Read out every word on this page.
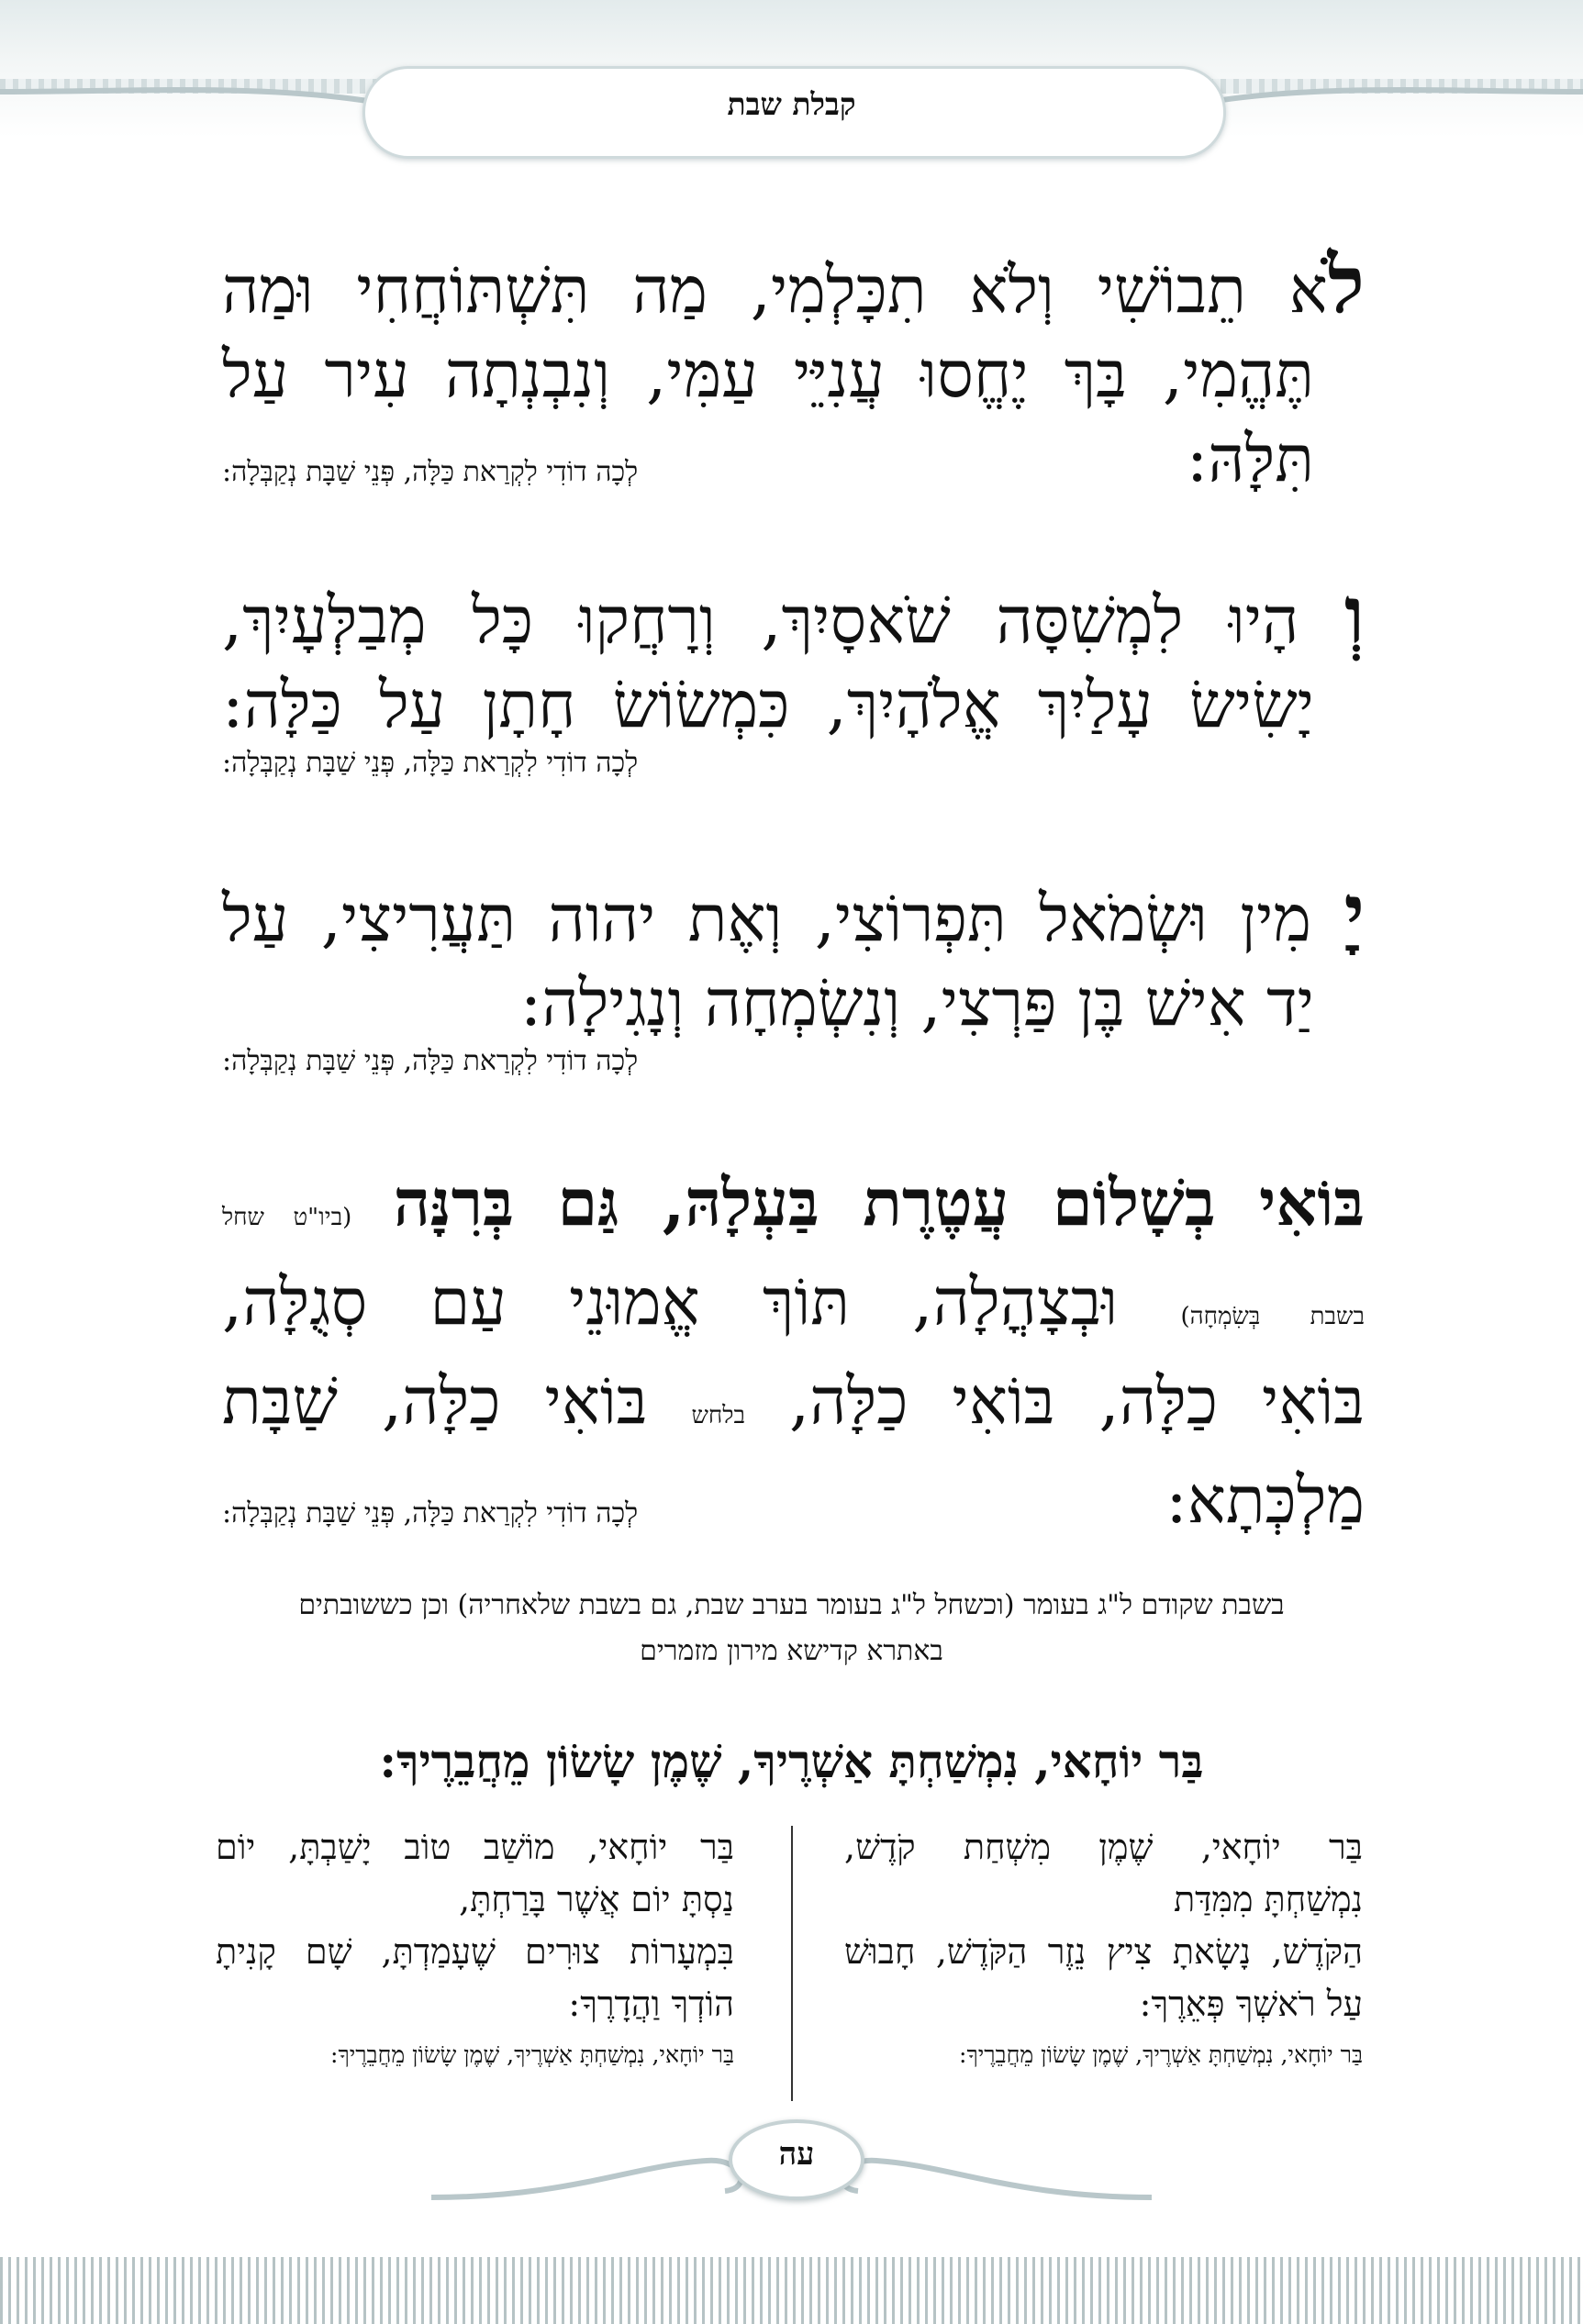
קבלת שבת
לֹא תֵבוֹשִׁי וְלֹא תִכָּלְמִי, מַה תִּשְׁתּוֹחֲחִי וּמַה
תֶּהֱמִי, בָּךְ יֶחֱסוּ עֲנִיֵּי עַמִּי, וְנִבְנְתָה עִיר עַל
תִּלָּהּ:
לְכָה דוֹדִי לִקְרַאת כַּלָּה, פְּנֵי שַׁבָּת נְקַבְּלָה:
וְ הָיוּ לִמְשִׁסָּה שֹׁאסָיִךְ, וְרָחֲקוּ כָּל מְבַלְּעָיִךְ,
יָשִׂישׂ עָלַיִךְ אֱלֹהָיִךְ, כִּמְשׂוֹשׂ חָתָן עַל כַּלָּה:
לְכָה דוֹדִי לִקְרַאת כַּלָּה, פְּנֵי שַׁבָּת נְקַבְּלָה:
יָ מִין וּשְׂמֹאל תִּפְרוֹצִי, וְאֶת יהוה תַּעֲרִיצִי, עַל
יַד אִישׁ בֶּן פַּרְצִי, וְנִשְׂמְחָה וְנָגִילָה:
לְכָה דוֹדִי לִקְרַאת כַּלָּה, פְּנֵי שַׁבָּת נְקַבְּלָה:
בּוֹאִי בְשָׁלוֹם עֲטֶרֶת בַּעְלָהּ, גַּם בְּרִנָּה (ביו"ט שחל
בשבת בְּשִׂמְחָה) וּבְצָהֳלָה, תּוֹךְ אֱמוּנֵי עַם סְגֻלָּה,
בּוֹאִי כַלָּה, בּוֹאִי כַלָּה, בלחש בּוֹאִי כַלָּה, שַׁבָּת
מַלְכְּתָא:
לְכָה דוֹדִי לִקְרַאת כַּלָּה, פְּנֵי שַׁבָּת נְקַבְּלָה:
בשבת שקודם ל"ג בעומר (וכשחל ל"ג בעומר בערב שבת, גם בשבת שלאחריה) וכן כששובתים
באתרא קדישא מירון מזמרים
בַּר יוֹחָאי, נִמְשַׁחְתָּ אַשְׁרֶיךָ, שֶׁמֶן שָׂשׂוֹן מֵחֲבֵרֶיךָ:
בַּר יוֹחָאי, שֶׁמֶן מִשְׁחַת קֹדֶשׁ,
נִמְשַׁחְתָּ מִמִּדַּת
הַקֹּדֶשׁ, נָשָׂאתָ צִיץ נֵזֶר הַקֹּדֶשׁ, חָבוּשׁ
עַל רֹאשְׁךָ פְּאֵרֶךָ:
בַּר יוֹחָאי, נִמְשַׁחְתָּ אַשְׁרֶיךָ, שֶׁמֶן שָׂשׂוֹן מֵחֲבֵרֶיךָ:
בַּר יוֹחָאי, מוֹשַׁב טוֹב יָשַׁבְתָּ, יוֹם
נַסְתָּ יוֹם אֲשֶׁר בָּרַחְתָּ,
בִּמְעָרוֹת צוּרִים שֶׁעָמַדְתָּ, שָׁם קָנִיתָ
הוֹדְךָ וַהֲדָרֶךָ:
בַּר יוֹחָאי, נִמְשַׁחְתָּ אַשְׁרֶיךָ, שֶׁמֶן שָׂשׂוֹן מֵחֲבֵרֶיךָ:
עה
